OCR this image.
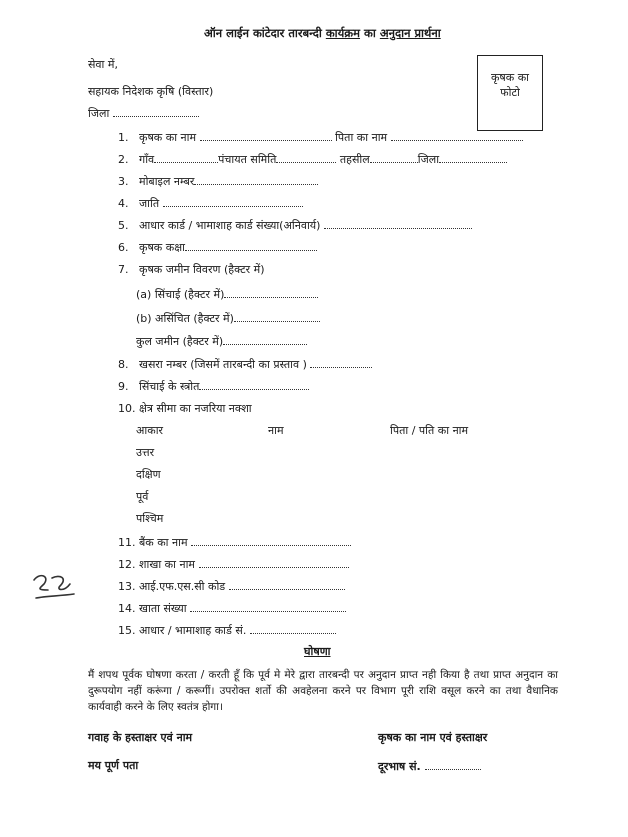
ऑन लाईन कांटेदार तारबन्दी कार्यक्रम का अनुदान प्रार्थना
सेवा में,
सहायक निदेशक कृषि (विस्तार)
जिला
कृषक का
फोटो
1. कृषक का नाम	पिता का नाम
2. गॉंव	पंचायत समिति	तहसील	जिला
3. मोबाइल नम्बर
4. जाति
5. आधार कार्ड / भामाशाह कार्ड संख्या(अनिवार्य)
6. कृषक कक्षा
7. कृषक जमीन विवरण (हैक्टर में)
(a) सिंचाई (हैक्टर में)
(b) असिंचित (हैक्टर में)
कुल जमीन (हैक्टर में)
8. खसरा नम्बर (जिसमें तारबन्दी का प्रस्ताव )
9. सिंचाई के स्त्रोत
10. क्षेत्र सीमा का नजरिया नक्शा
आकार	नाम	पिता / पति का नाम
उत्तर
दक्षिण
पूर्व
पश्चिम
11. बैंक का नाम
12. शाखा का नाम
13. आई.एफ.एस.सी कोड
14. खाता संख्या
15. आधार / भामाशाह कार्ड सं.
घोषणा
मैं शपथ पूर्वक घोषणा करता / करती हूँ कि पूर्व मे मेरे द्वारा तारबन्दी पर अनुदान प्राप्त नही किया है तथा प्राप्त अनुदान का दुरूपयोग नहीं करूंगा / करूगीं। उपरोक्त शर्तो की अवहेलना करने पर विभाग पूरी राशि वसूल करने का तथा वैधानिक कार्यवाही करने के लिए स्वतंत्र होगा।
गवाह के हस्ताक्षर एवं नाम	कृषक का नाम एवं हस्ताक्षर
मय पूर्ण पता	दूरभाष सं.
